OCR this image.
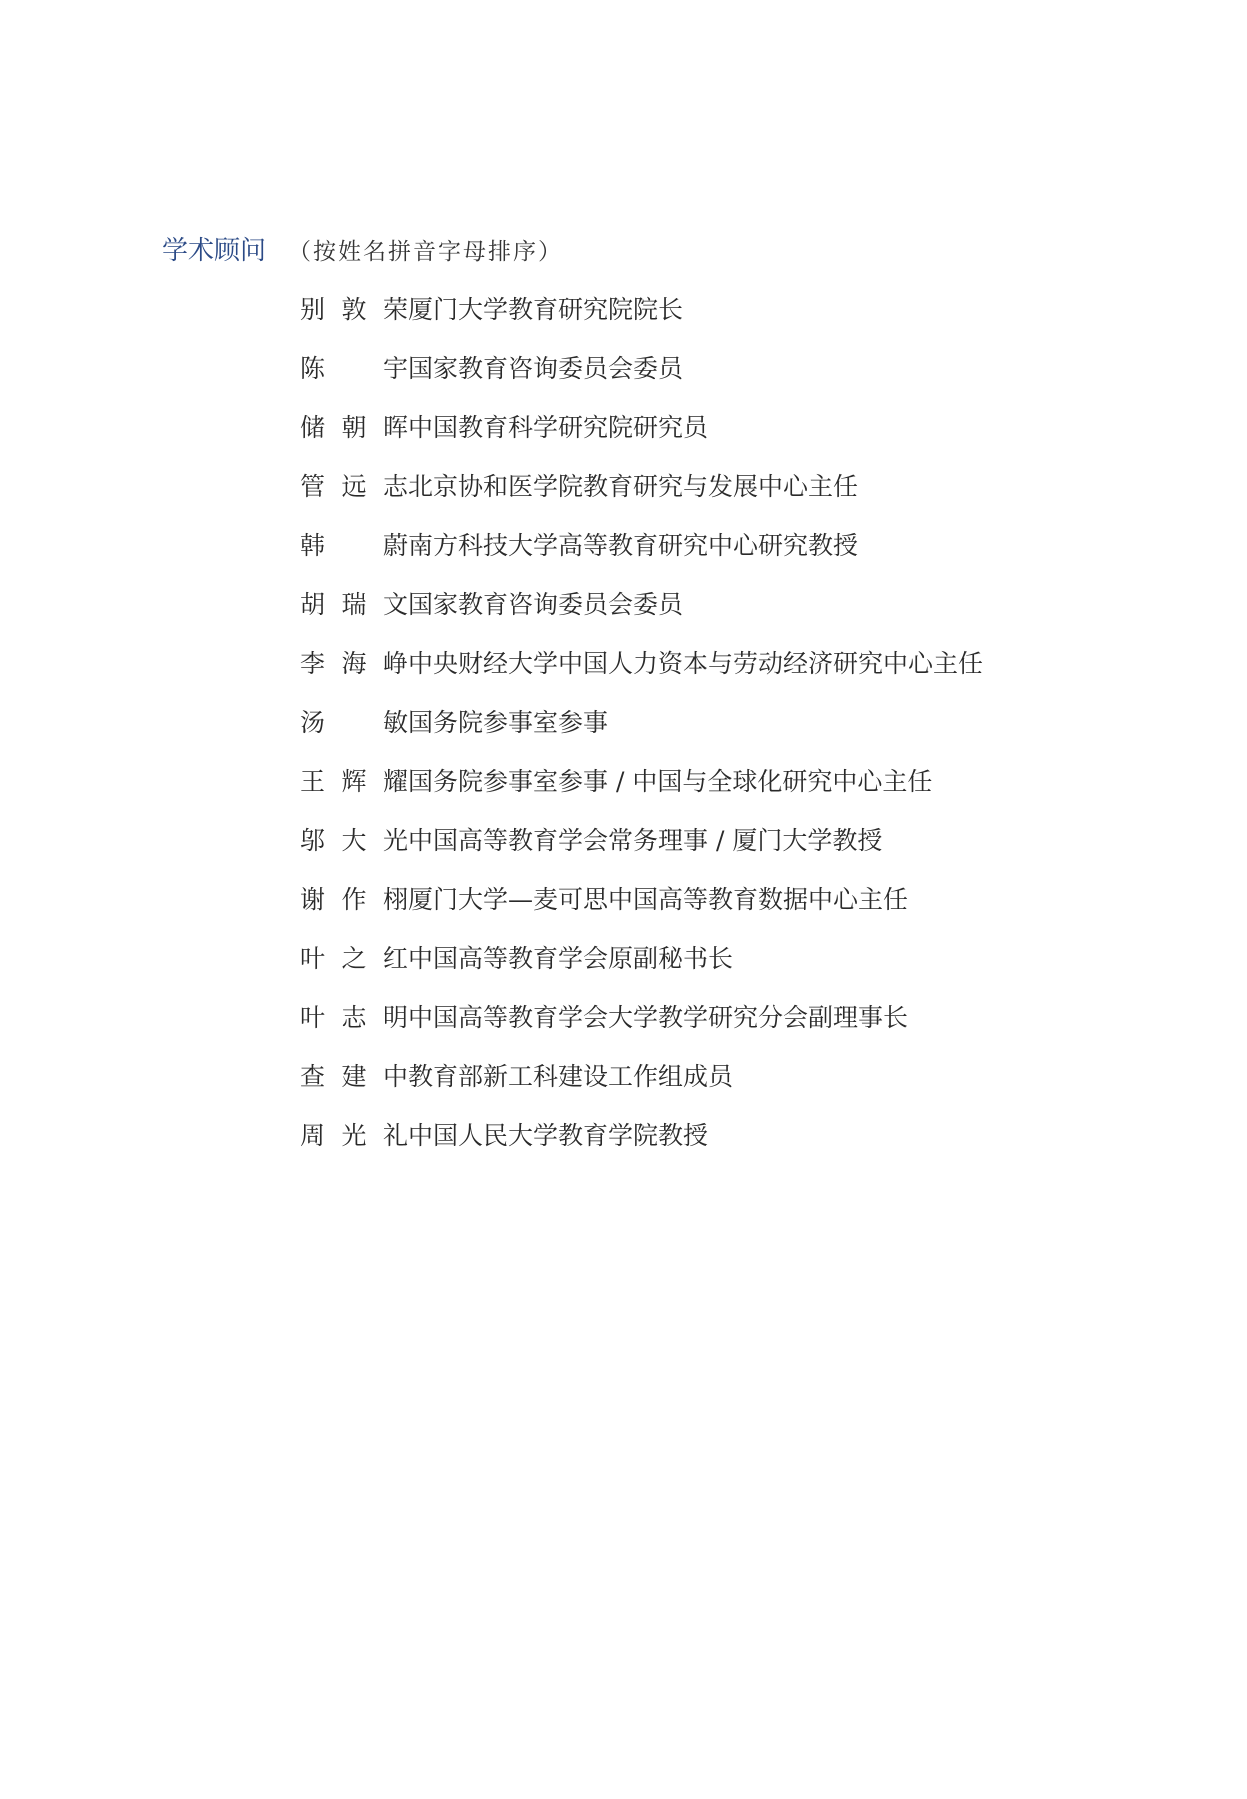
学术顾问 （按姓名拼音字母排序）
别敦荣 厦门大学教育研究院院长
陈　宇 国家教育咨询委员会委员
储朝晖 中国教育科学研究院研究员
管远志 北京协和医学院教育研究与发展中心主任
韩　蔚 南方科技大学高等教育研究中心研究教授
胡瑞文 国家教育咨询委员会委员
李海峥 中央财经大学中国人力资本与劳动经济研究中心主任
汤　敏 国务院参事室参事
王辉耀 国务院参事室参事 / 中国与全球化研究中心主任
邬大光 中国高等教育学会常务理事 / 厦门大学教授
谢作栩 厦门大学—麦可思中国高等教育数据中心主任
叶之红 中国高等教育学会原副秘书长
叶志明 中国高等教育学会大学教学研究分会副理事长
查建中 教育部新工科建设工作组成员
周光礼 中国人民大学教育学院教授
